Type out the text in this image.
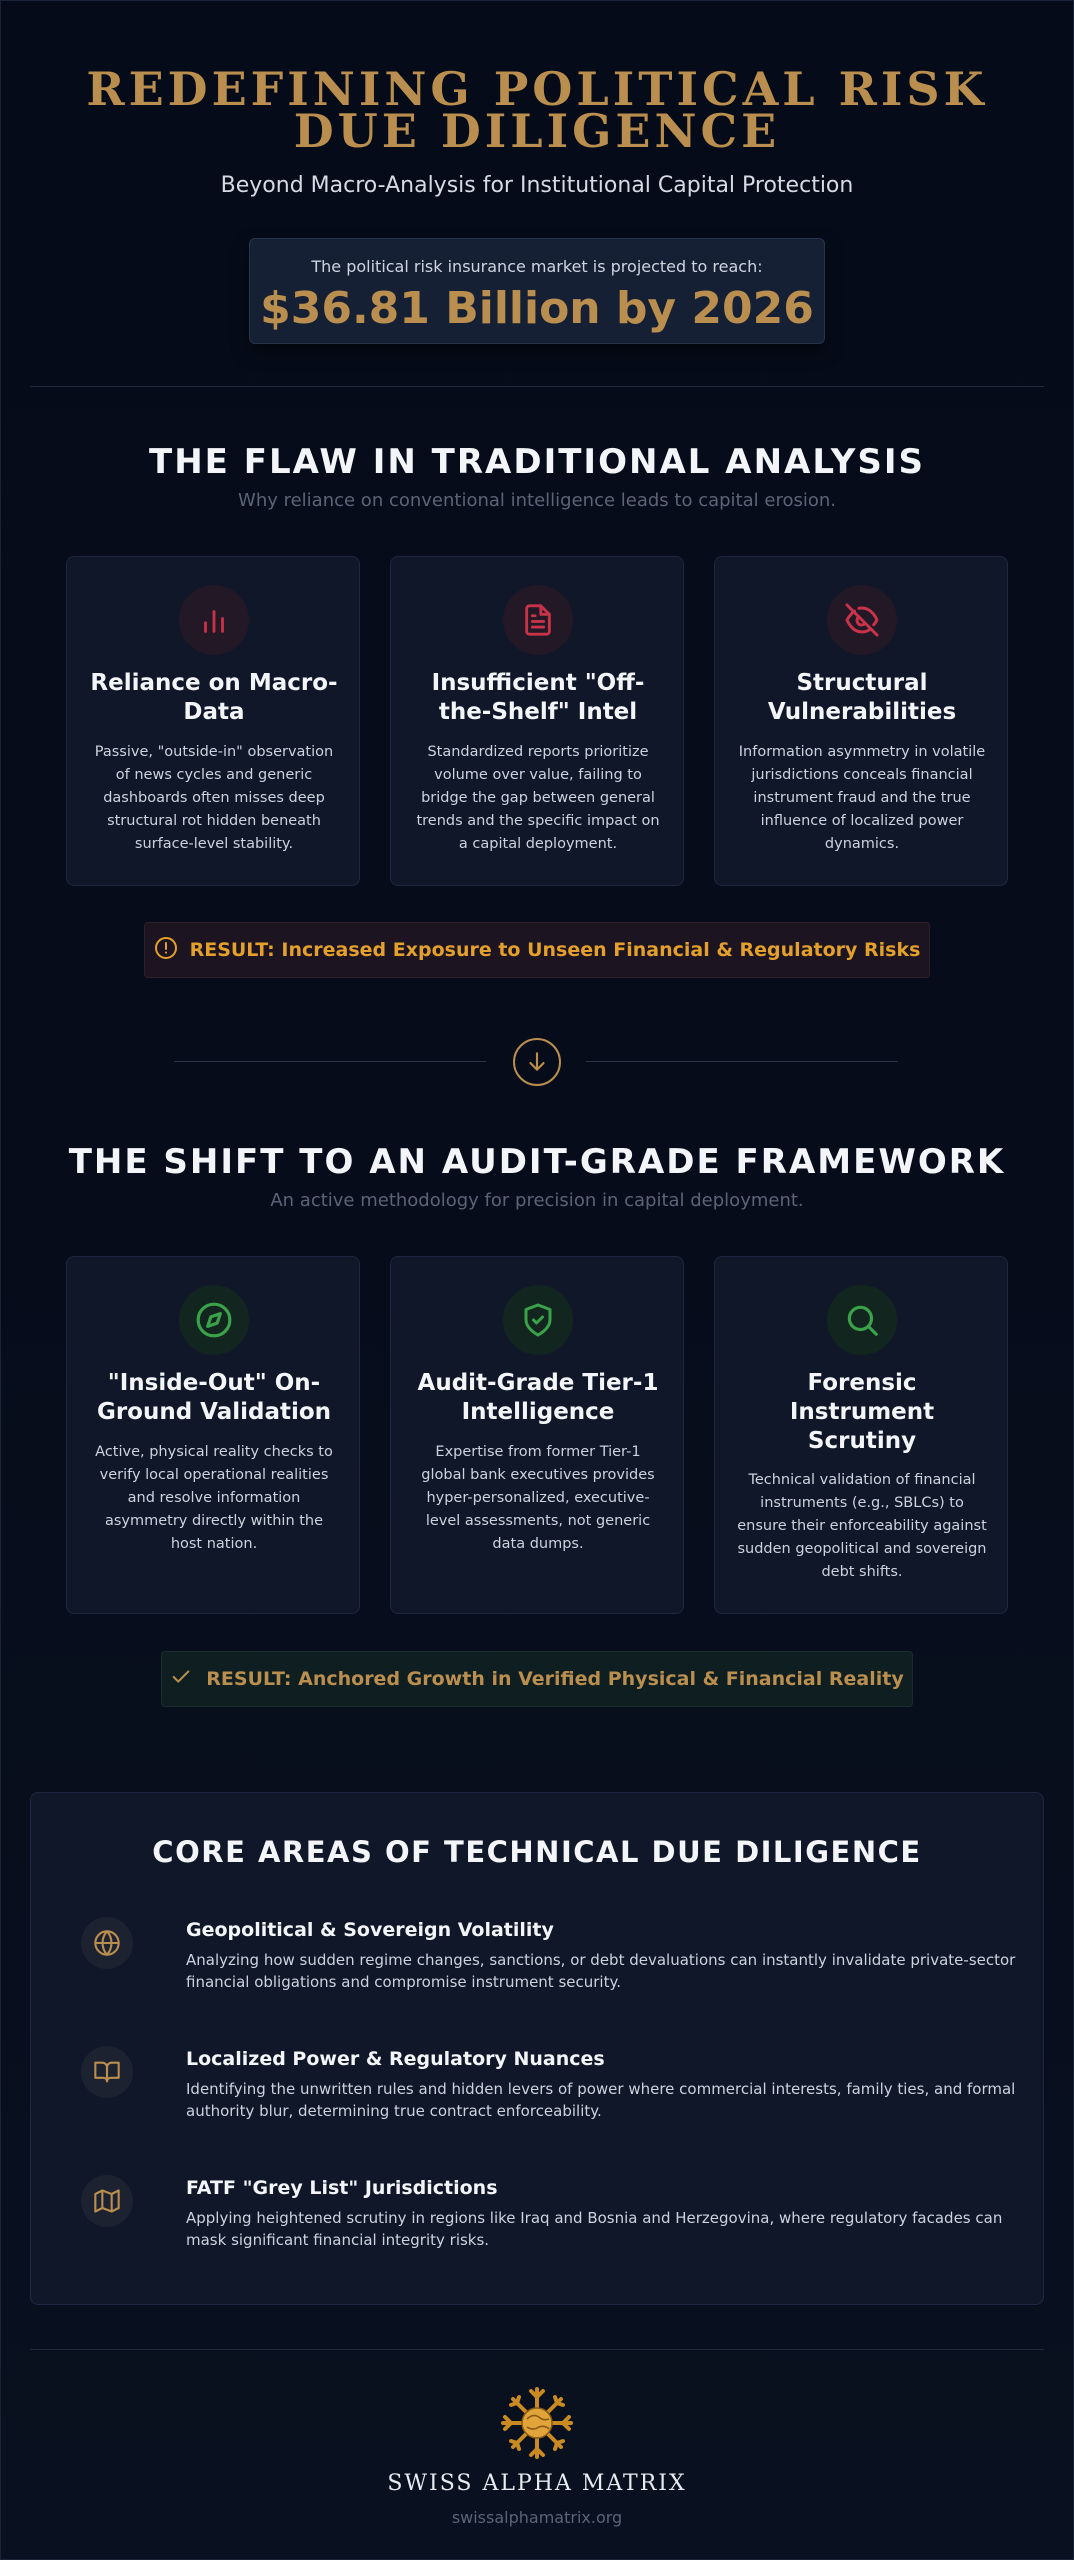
REDEFINING POLITICAL RISK
DUE DILIGENCE
Beyond Macro-Analysis for Institutional Capital Protection
The political risk insurance market is projected to reach:
$36.81 Billion by 2026
THE FLAW IN TRADITIONAL ANALYSIS
Why reliance on conventional intelligence leads to capital erosion.
Reliance on Macro-Data
Passive, "outside-in" observation of news cycles and generic dashboards often misses deep structural rot hidden beneath surface-level stability.
Insufficient "Off-the-Shelf" Intel
Standardized reports prioritize volume over value, failing to bridge the gap between general trends and the specific impact on a capital deployment.
Structural Vulnerabilities
Information asymmetry in volatile jurisdictions conceals financial instrument fraud and the true influence of localized power dynamics.
RESULT: Increased Exposure to Unseen Financial & Regulatory Risks
THE SHIFT TO AN AUDIT-GRADE FRAMEWORK
An active methodology for precision in capital deployment.
"Inside-Out" On-Ground Validation
Active, physical reality checks to verify local operational realities and resolve information asymmetry directly within the host nation.
Audit-Grade Tier-1 Intelligence
Expertise from former Tier-1 global bank executives provides hyper-personalized, executive-level assessments, not generic data dumps.
Forensic Instrument Scrutiny
Technical validation of financial instruments (e.g., SBLCs) to ensure their enforceability against sudden geopolitical and sovereign debt shifts.
RESULT: Anchored Growth in Verified Physical & Financial Reality
CORE AREAS OF TECHNICAL DUE DILIGENCE
Geopolitical & Sovereign Volatility
Analyzing how sudden regime changes, sanctions, or debt devaluations can instantly invalidate private-sector financial obligations and compromise instrument security.
Localized Power & Regulatory Nuances
Identifying the unwritten rules and hidden levers of power where commercial interests, family ties, and formal authority blur, determining true contract enforceability.
FATF "Grey List" Jurisdictions
Applying heightened scrutiny in regions like Iraq and Bosnia and Herzegovina, where regulatory facades can mask significant financial integrity risks.
SWISS ALPHA MATRIX
swissalphamatrix.org
